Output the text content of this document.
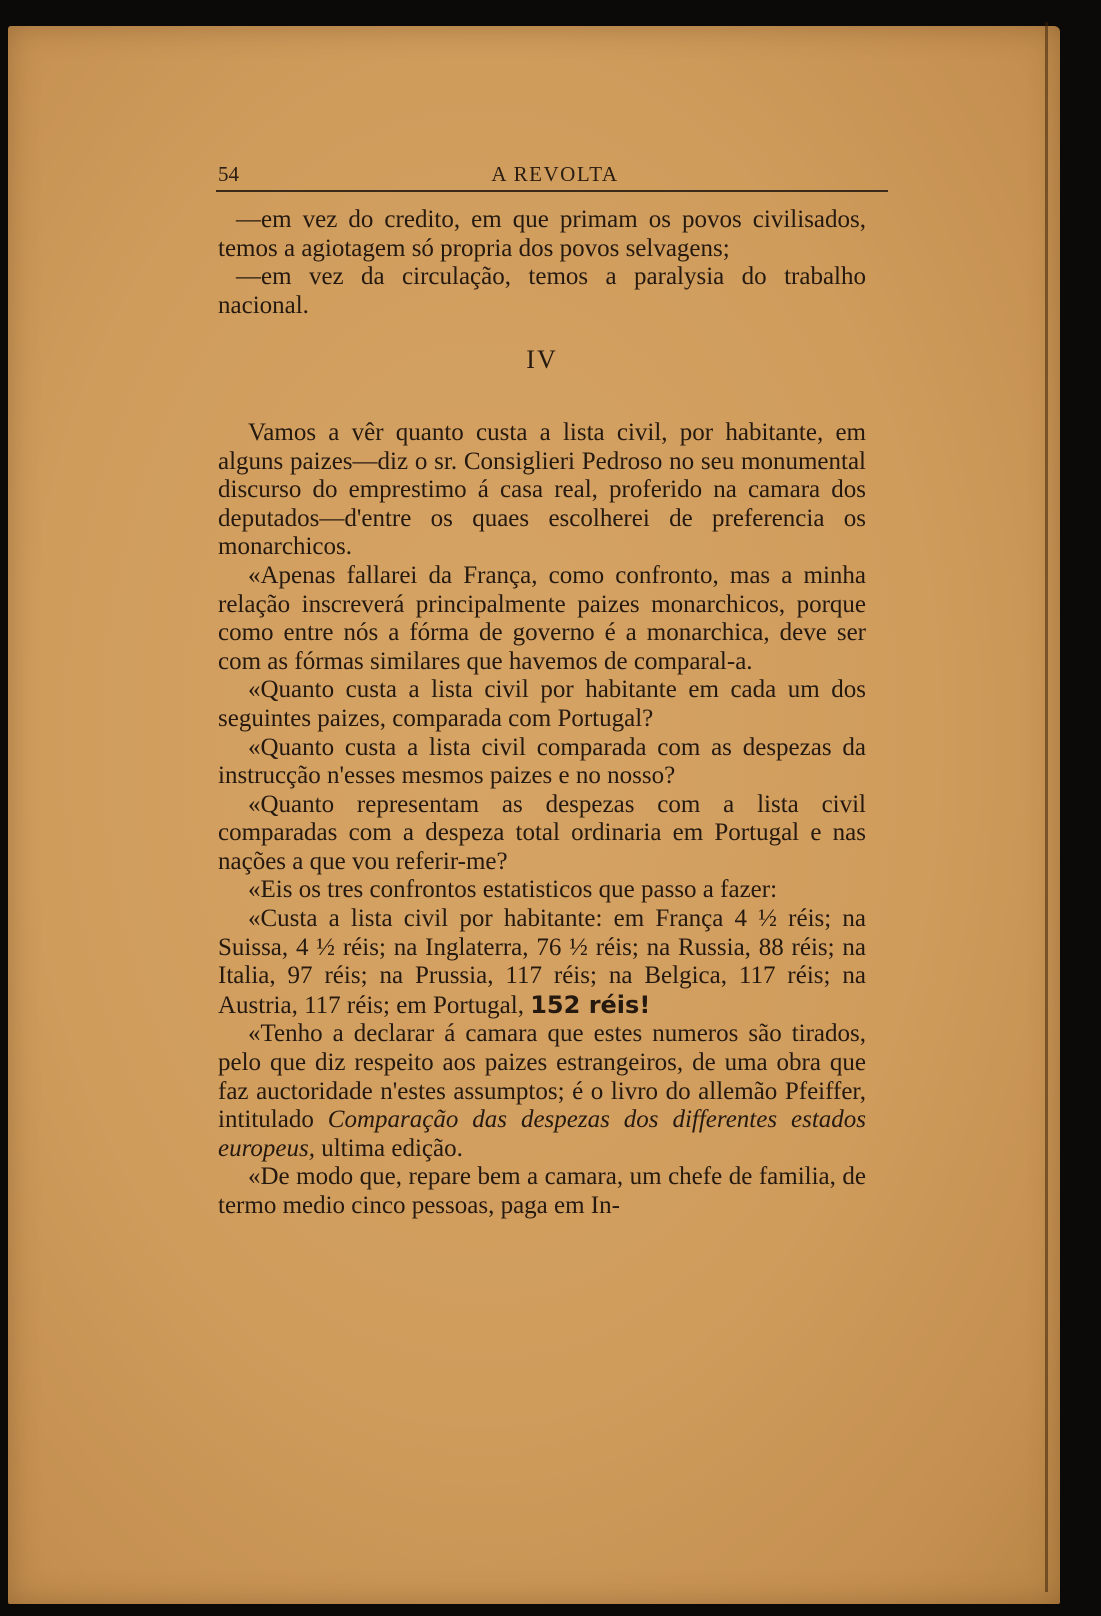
54	A REVOLTA

—em vez do credito, em que primam os povos civilisados, temos a agiotagem só propria dos povos selvagens;

—em vez da circulação, temos a paralysia do trabalho nacional.

IV

Vamos a vêr quanto custa a lista civil, por habitante, em alguns paizes—diz o sr. Consiglieri Pedroso no seu monumental discurso do emprestimo á casa real, proferido na camara dos deputados—d'entre os quaes escolherei de preferencia os monarchicos.

«Apenas fallarei da França, como confronto, mas a minha relação inscreverá principalmente paizes monarchicos, porque como entre nós a fórma de governo é a monarchica, deve ser com as fórmas similares que havemos de comparal-a.

«Quanto custa a lista civil por habitante em cada um dos seguintes paizes, comparada com Portugal?

«Quanto custa a lista civil comparada com as despezas da instrucção n'esses mesmos paizes e no nosso?

«Quanto representam as despezas com a lista civil comparadas com a despeza total ordinaria em Portugal e nas nações a que vou referir-me?

«Eis os tres confrontos estatisticos que passo a fazer:

«Custa a lista civil por habitante: em França 4 ½ réis; na Suissa, 4 ½ réis; na Inglaterra, 76 ½ réis; na Russia, 88 réis; na Italia, 97 réis; na Prussia, 117 réis; na Belgica, 117 réis; na Austria, 117 réis; em Portugal, 152 réis!

«Tenho a declarar á camara que estes numeros são tirados, pelo que diz respeito aos paizes estrangeiros, de uma obra que faz auctoridade n'estes assumptos; é o livro do allemão Pfeiffer, intitulado Comparação das despezas dos differentes estados europeus, ultima edição.

«De modo que, repare bem a camara, um chefe de familia, de termo medio cinco pessoas, paga em In-
